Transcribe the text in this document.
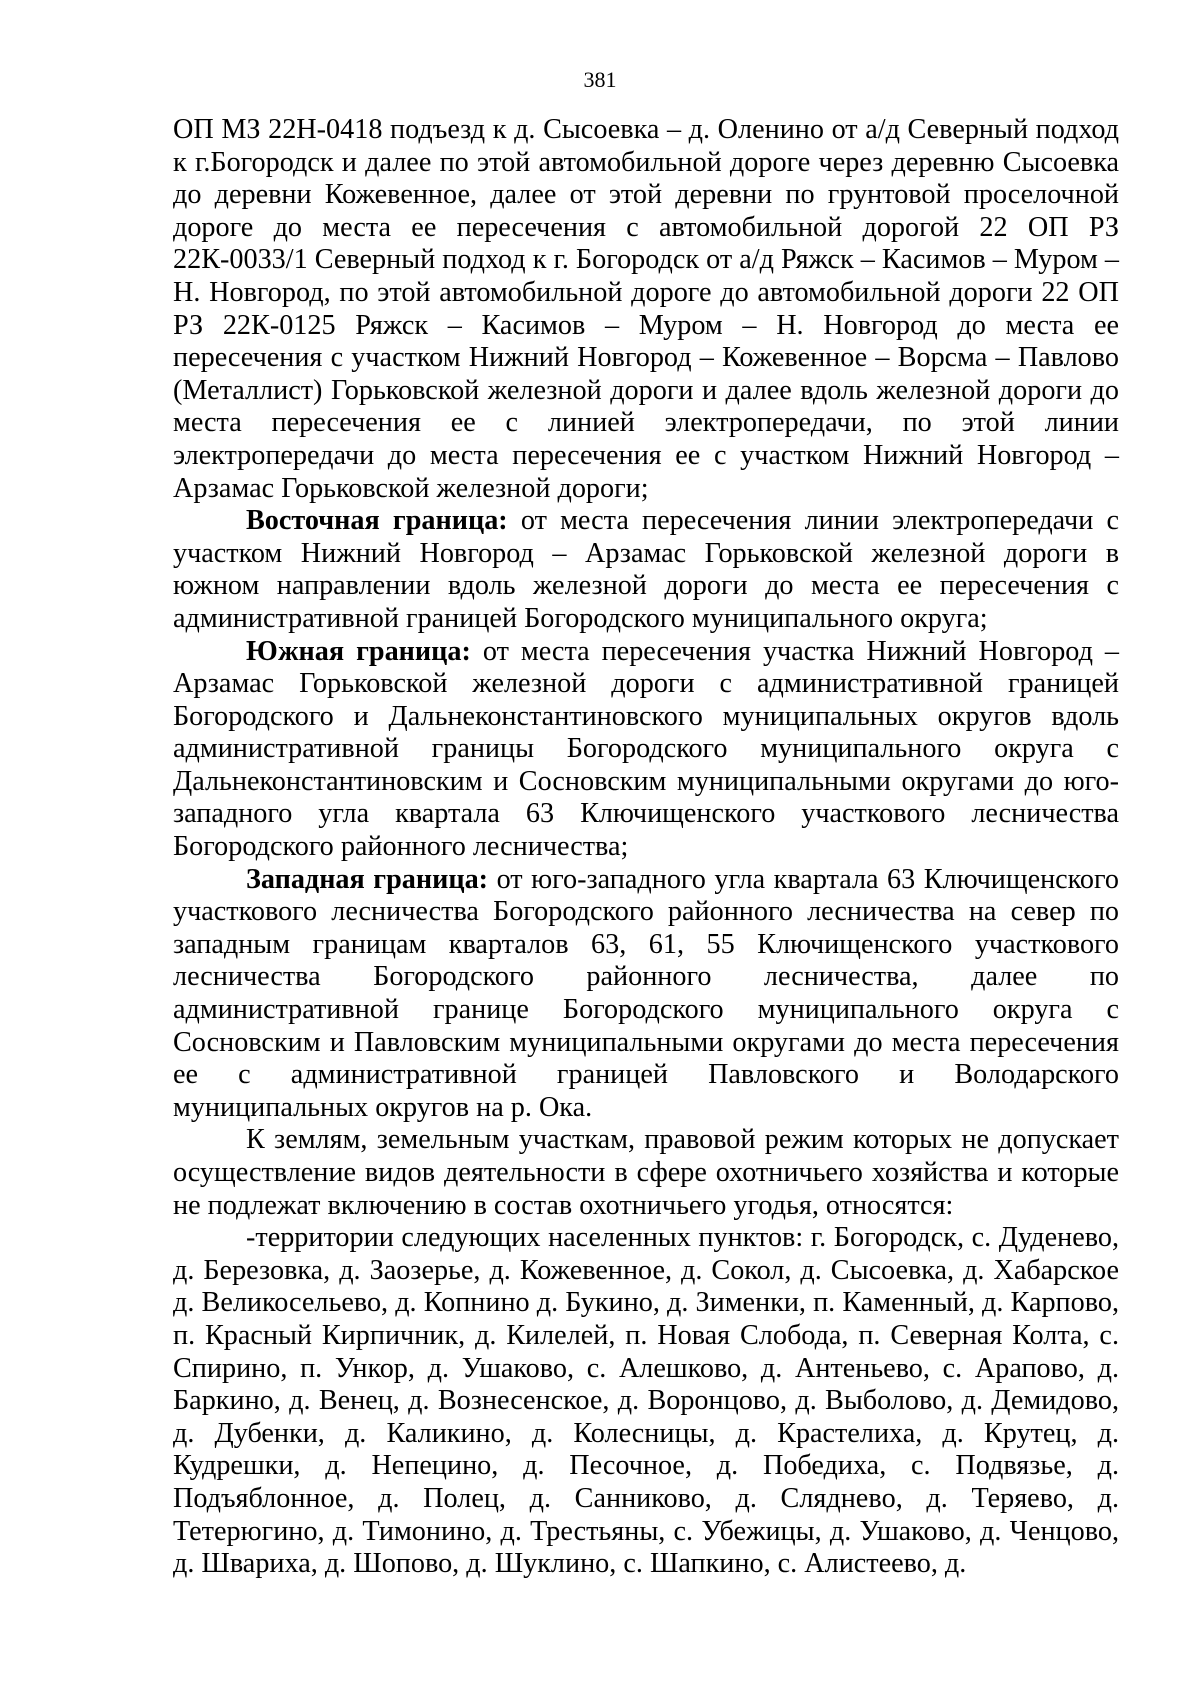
381

ОП МЗ 22Н-0418 подъезд к д. Сысоевка – д. Оленино от а/д Северный подход к г.Богородск и далее по этой автомобильной дороге через деревню Сысоевка до деревни Кожевенное, далее от этой деревни по грунтовой проселочной дороге до места ее пересечения с автомобильной дорогой 22 ОП РЗ 22К-0033/1 Северный подход к г. Богородск от а/д Ряжск – Касимов – Муром – Н. Новгород, по этой автомобильной дороге до автомобильной дороги 22 ОП РЗ 22К-0125 Ряжск – Касимов – Муром – Н. Новгород до места ее пересечения с участком Нижний Новгород – Кожевенное – Ворсма – Павлово (Металлист) Горьковской железной дороги и далее вдоль железной дороги до места пересечения ее с линией электропередачи, по этой линии электропередачи до места пересечения ее с участком Нижний Новгород – Арзамас Горьковской железной дороги;

Восточная граница: от места пересечения линии электропередачи с участком Нижний Новгород – Арзамас Горьковской железной дороги в южном направлении вдоль железной дороги до места ее пересечения с административной границей Богородского муниципального округа;

Южная граница: от места пересечения участка Нижний Новгород – Арзамас Горьковской железной дороги с административной границей Богородского и Дальнеконстантиновского муниципальных округов вдоль административной границы Богородского муниципального округа с Дальнеконстантиновским и Сосновским муниципальными округами до юго-западного угла квартала 63 Ключищенского участкового лесничества Богородского районного лесничества;

Западная граница: от юго-западного угла квартала 63 Ключищенского участкового лесничества Богородского районного лесничества на север по западным границам кварталов 63, 61, 55 Ключищенского участкового лесничества Богородского районного лесничества, далее по административной границе Богородского муниципального округа с Сосновским и Павловским муниципальными округами до места пересечения ее с административной границей Павловского и Володарского муниципальных округов на р. Ока.

К землям, земельным участкам, правовой режим которых не допускает осуществление видов деятельности в сфере охотничьего хозяйства и которые не подлежат включению в состав охотничьего угодья, относятся:

-территории следующих населенных пунктов: г. Богородск, с. Дуденево, д. Березовка, д. Заозерье, д. Кожевенное, д. Сокол, д. Сысоевка, д. Хабарское д. Великосельево, д. Копнино д. Букино, д. Зименки, п. Каменный, д. Карпово, п. Красный Кирпичник, д. Килелей, п. Новая Слобода, п. Северная Колта, с. Спирино, п. Ункор, д. Ушаково, с. Алешково, д. Антеньево, с. Арапово, д. Баркино, д. Венец, д. Вознесенское, д. Воронцово, д. Выболово, д. Демидово, д. Дубенки, д. Каликино, д. Колесницы, д. Крастелиха, д. Крутец, д. Кудрешки, д. Непецино, д. Песочное, д. Победиха, с. Подвязье, д. Подъяблонное, д. Полец, д. Санниково, д. Слядневo, д. Теряево, д. Тетерюгино, д. Тимонино, д. Трестьяны, с. Убежицы, д. Ушаково, д. Ченцово, д. Швариха, д. Шопово, д. Шуклино, с. Шапкино, с. Алистеево, д.
